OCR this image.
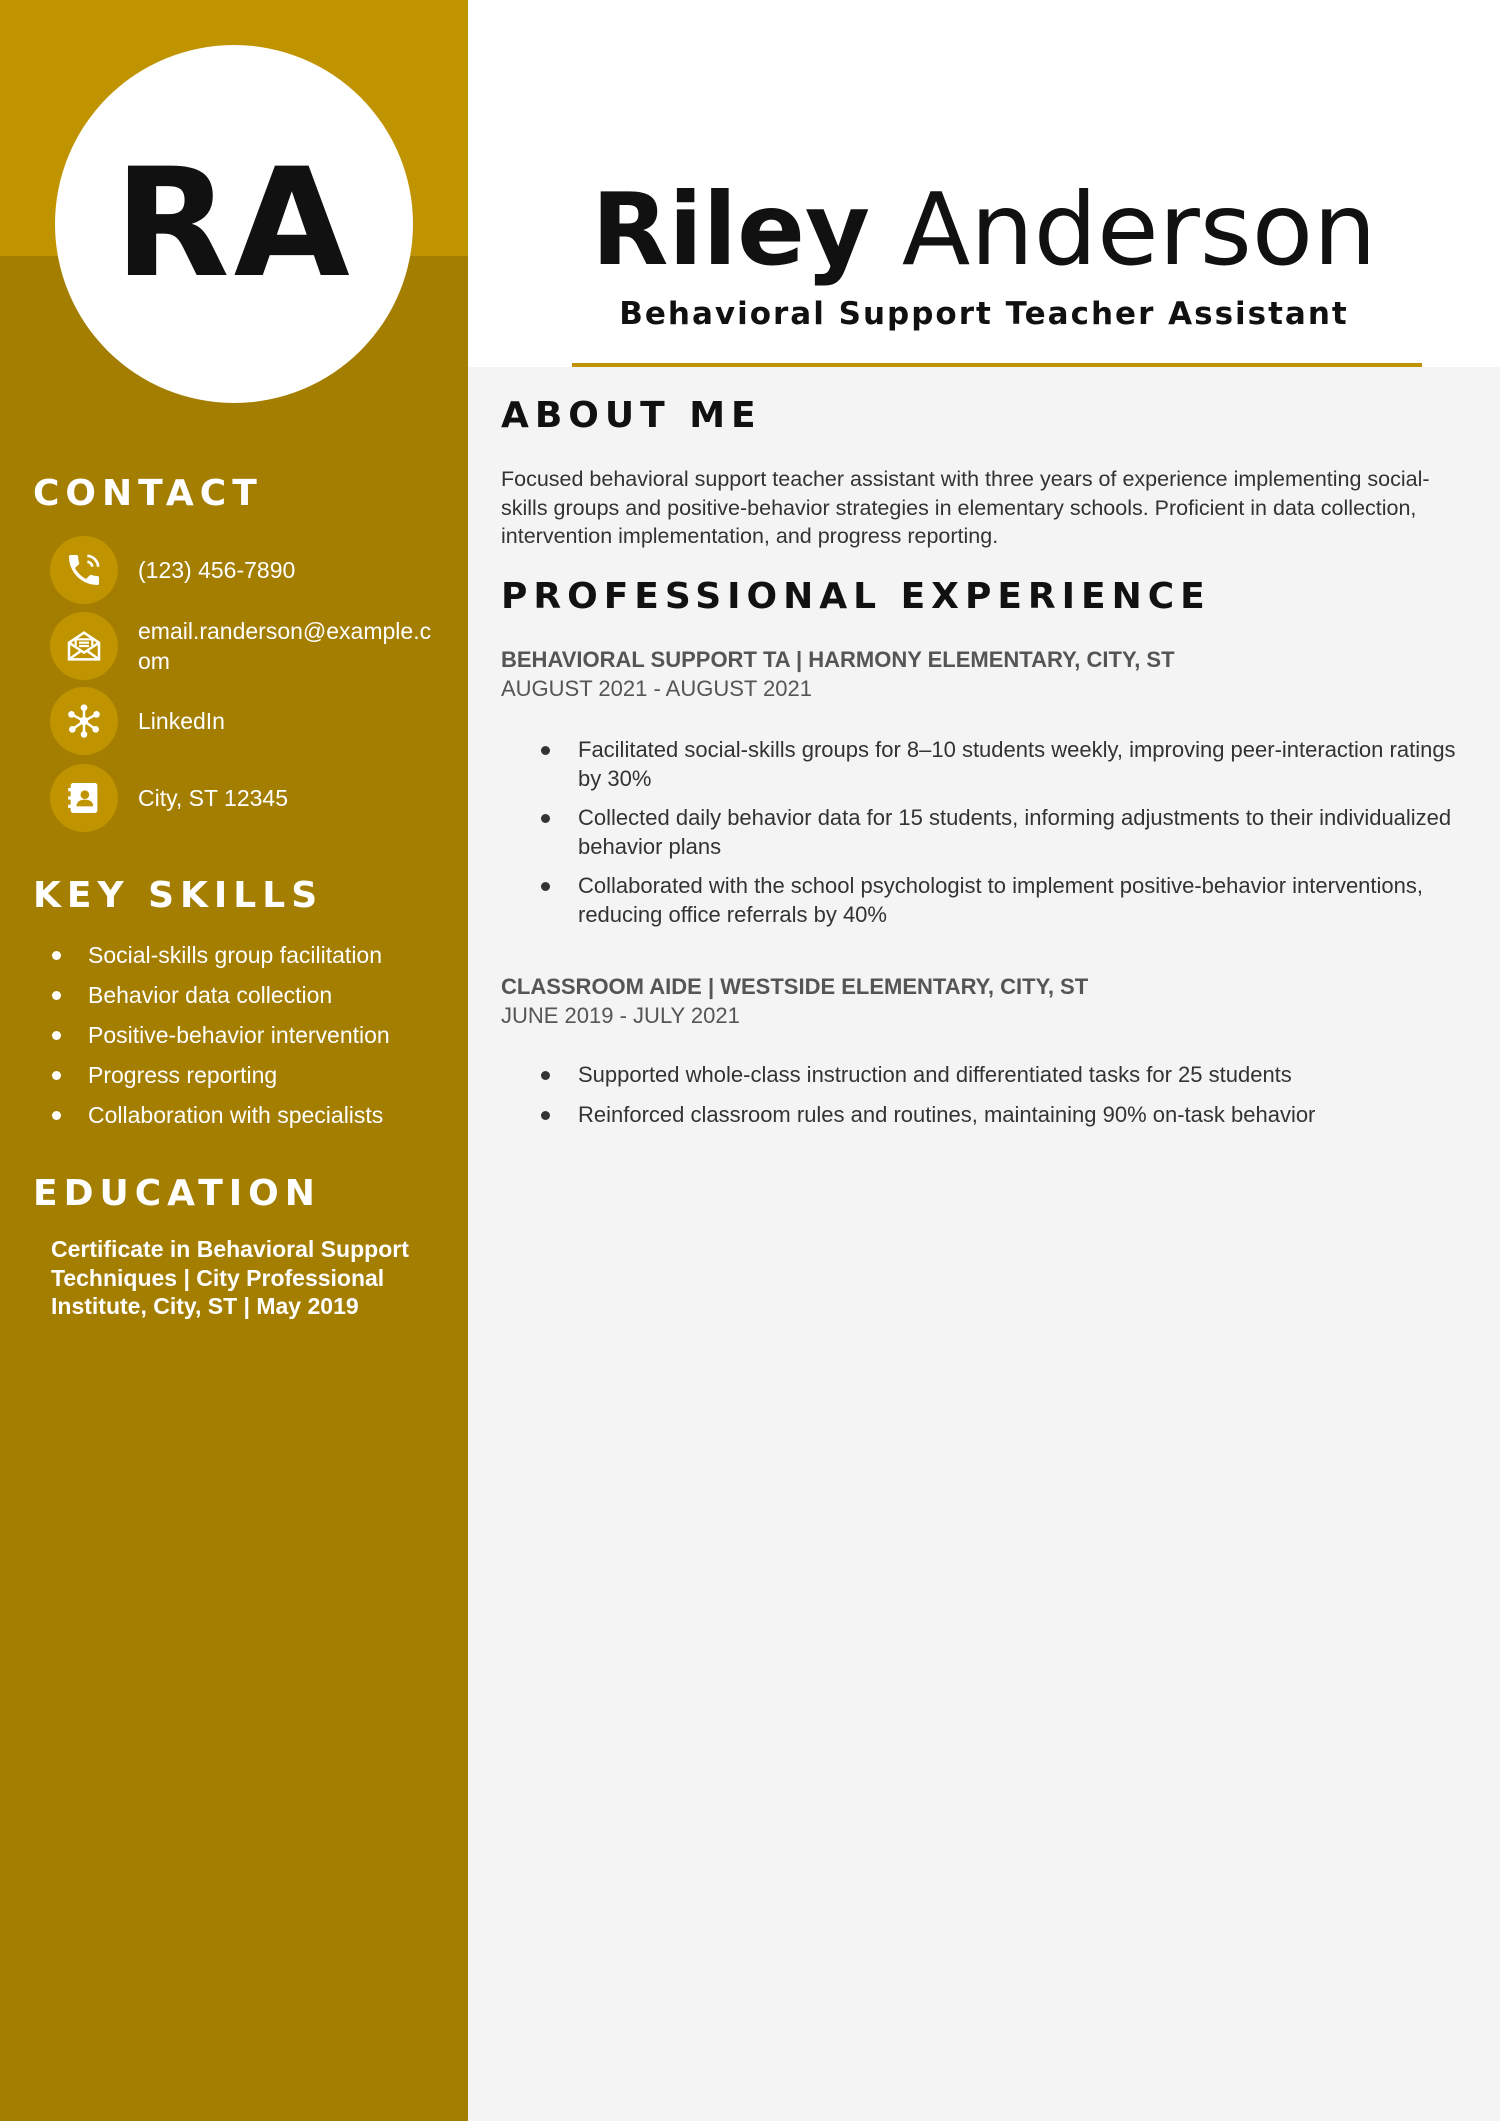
RA
CONTACT
(123) 456-7890
email.randerson@example.com
LinkedIn
City, ST 12345
KEY SKILLS
Social-skills group facilitation
Behavior data collection
Positive-behavior intervention
Progress reporting
Collaboration with specialists
EDUCATION
Certificate in Behavioral Support Techniques | City Professional Institute, City, ST | May 2019
Riley Anderson
Behavioral Support Teacher Assistant
ABOUT ME
Focused behavioral support teacher assistant with three years of experience implementing social-skills groups and positive-behavior strategies in elementary schools. Proficient in data collection, intervention implementation, and progress reporting.
PROFESSIONAL EXPERIENCE
BEHAVIORAL SUPPORT TA | HARMONY ELEMENTARY, CITY, ST
AUGUST 2021 - AUGUST 2021
Facilitated social-skills groups for 8–10 students weekly, improving peer-interaction ratings by 30%
Collected daily behavior data for 15 students, informing adjustments to their individualized behavior plans
Collaborated with the school psychologist to implement positive-behavior interventions, reducing office referrals by 40%
CLASSROOM AIDE | WESTSIDE ELEMENTARY, CITY, ST
JUNE 2019 - JULY 2021
Supported whole-class instruction and differentiated tasks for 25 students
Reinforced classroom rules and routines, maintaining 90% on-task behavior
